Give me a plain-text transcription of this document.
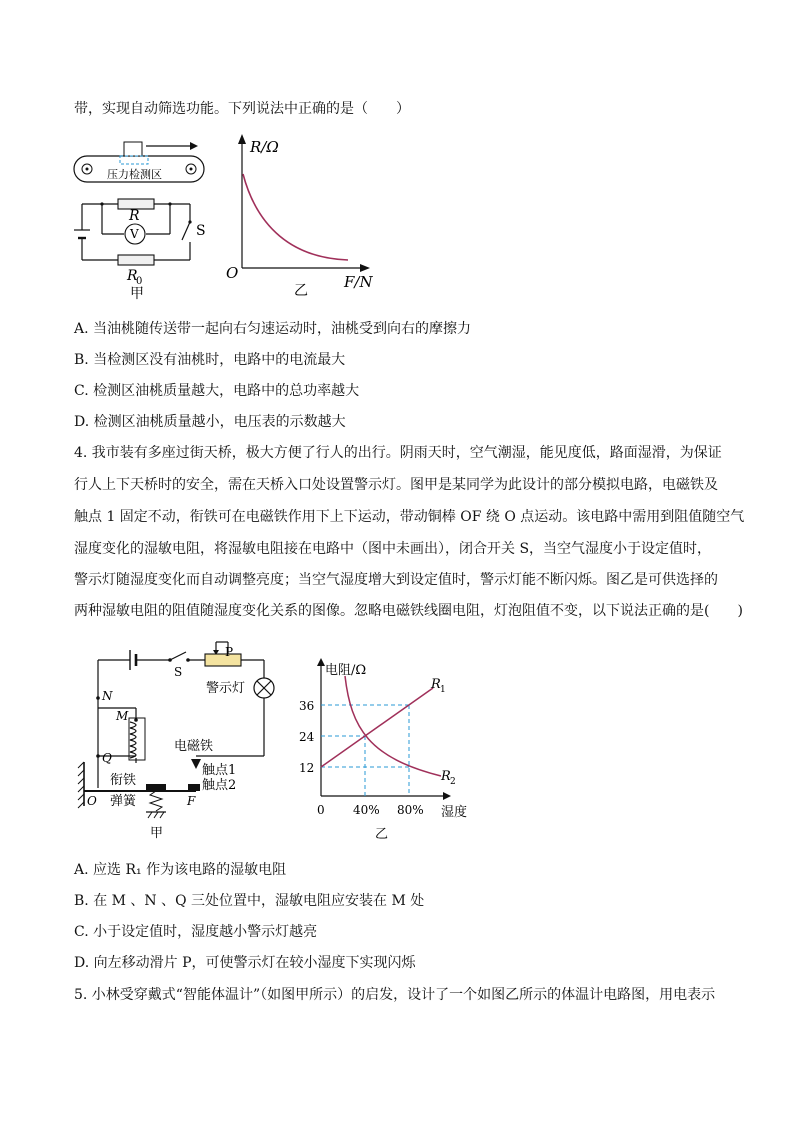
带，实现自动筛选功能。下列说法中正确的是（　　）
压力检测区
R
V	S
R
0
甲
R/Ω
F/N
O
乙
A. 当油桃随传送带一起向右匀速运动时，油桃受到向右的摩擦力
B. 当检测区没有油桃时，电路中的电流最大
C. 检测区油桃质量越大，电路中的总功率越大
D. 检测区油桃质量越小，电压表的示数越大
4. 我市装有多座过街天桥，极大方便了行人的出行。阴雨天时，空气潮湿，能见度低，路面湿滑，为保证
行人上下天桥时的安全，需在天桥入口处设置警示灯。图甲是某同学为此设计的部分模拟电路，电磁铁及
触点 1 固定不动，衔铁可在电磁铁作用下上下运动，带动铜棒 OF 绕 O 点运动。该电路中需用到阻值随空气
湿度变化的湿敏电阻，将湿敏电阻接在电路中（图中未画出），闭合开关 S，当空气湿度小于设定值时，
警示灯随湿度变化而自动调整亮度；当空气湿度增大到设定值时，警示灯能不断闪烁。图乙是可供选择的
两种湿敏电阻的阻值随湿度变化关系的图像。忽略电磁铁线圈电阻，灯泡阻值不变，以下说法正确的是(　　)
P
S
警示灯
N
M
Q
电磁铁
触点1
衔铁	触点2
弹簧
O	F
甲
电阻/Ω
36
24
12
0 40% 80% 湿度
R 1
R 2
乙
A. 应选 R₁ 作为该电路的湿敏电阻
B. 在 M 、N 、Q 三处位置中，湿敏电阻应安装在 M 处
C. 小于设定值时，湿度越小警示灯越亮
D. 向左移动滑片 P，可使警示灯在较小湿度下实现闪烁
5. 小林受穿戴式“智能体温计”（如图甲所示）的启发，设计了一个如图乙所示的体温计电路图，用电表示
